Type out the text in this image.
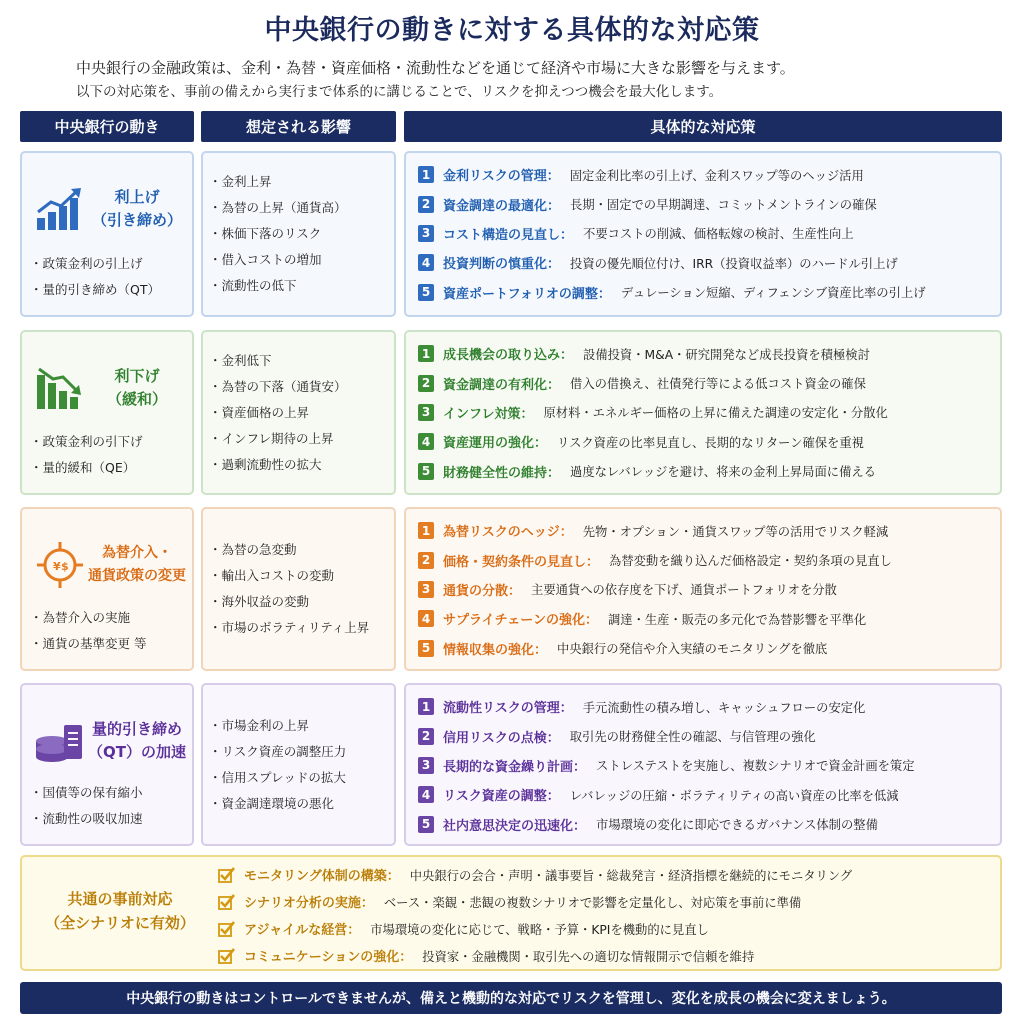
中央銀行の動きに対する具体的な対応策
中央銀行の金融政策は、金利・為替・資産価格・流動性などを通じて経済や市場に大きな影響を与えます。
以下の対応策を、事前の備えから実行まで体系的に講じることで、リスクを抑えつつ機会を最大化します。
中央銀行の動き	想定される影響	具体的な対応策
利上げ
（引き締め）
・ 政策金利の引上げ
・ 量的引き締め（QT）
・ 金利上昇
・ 為替の上昇（通貨高）
・ 株価下落のリスク
・ 借入コストの増加
・ 流動性の低下
1 金利リスクの管理： 固定金利比率の引上げ、金利スワップ等のヘッジ活用
2 資金調達の最適化： 長期・固定での早期調達、コミットメントラインの確保
3 コスト構造の見直し： 不要コストの削減、価格転嫁の検討、生産性向上
4 投資判断の慎重化： 投資の優先順位付け、IRR（投資収益率）のハードル引上げ
5 資産ポートフォリオの調整： デュレーション短縮、ディフェンシブ資産比率の引上げ
利下げ
（緩和）
・ 政策金利の引下げ
・ 量的緩和（QE）
・ 金利低下
・ 為替の下落（通貨安）
・ 資産価格の上昇
・ インフレ期待の上昇
・ 過剰流動性の拡大
1 成長機会の取り込み： 設備投資・M&A・研究開発など成長投資を積極検討
2 資金調達の有利化： 借入の借換え、社債発行等による低コスト資金の確保
3 インフレ対策： 原材料・エネルギー価格の上昇に備えた調達の安定化・分散化
4 資産運用の強化： リスク資産の比率見直し、長期的なリターン確保を重視
5 財務健全性の維持： 過度なレバレッジを避け、将来の金利上昇局面に備える
¥ $
為替介入・
通貨政策の変更
・ 為替介入の実施
・ 通貨の基準変更 等
・ 為替の急変動
・ 輸出入コストの変動
・ 海外収益の変動
・ 市場のボラティリティ上昇
1 為替リスクのヘッジ： 先物・オプション・通貨スワップ等の活用でリスク軽減
2 価格・契約条件の見直し： 為替変動を織り込んだ価格設定・契約条項の見直し
3 通貨の分散： 主要通貨への依存度を下げ、通貨ポートフォリオを分散
4 サプライチェーンの強化： 調達・生産・販売の多元化で為替影響を平準化
5 情報収集の強化： 中央銀行の発信や介入実績のモニタリングを徹底
量的引き締め
（QT）の加速
・ 国債等の保有縮小
・ 流動性の吸収加速
・ 市場金利の上昇
・ リスク資産の調整圧力
・ 信用スプレッドの拡大
・ 資金調達環境の悪化
1 流動性リスクの管理： 手元流動性の積み増し、キャッシュフローの安定化
2 信用リスクの点検： 取引先の財務健全性の確認、与信管理の強化
3 長期的な資金繰り計画： ストレステストを実施し、複数シナリオで資金計画を策定
4 リスク資産の調整： レバレッジの圧縮・ボラティリティの高い資産の比率を低減
5 社内意思決定の迅速化： 市場環境の変化に即応できるガバナンス体制の整備
共通の事前対応
（全シナリオに有効）
モニタリング体制の構築： 中央銀行の会合・声明・議事要旨・総裁発言・経済指標を継続的にモニタリング
シナリオ分析の実施： ベース・楽観・悲観の複数シナリオで影響を定量化し、対応策を事前に準備
アジャイルな経営： 市場環境の変化に応じて、戦略・予算・KPIを機動的に見直し
コミュニケーションの強化： 投資家・金融機関・取引先への適切な情報開示で信頼を維持
中央銀行の動きはコントロールできませんが、備えと機動的な対応でリスクを管理し、変化を成長の機会に変えましょう。
